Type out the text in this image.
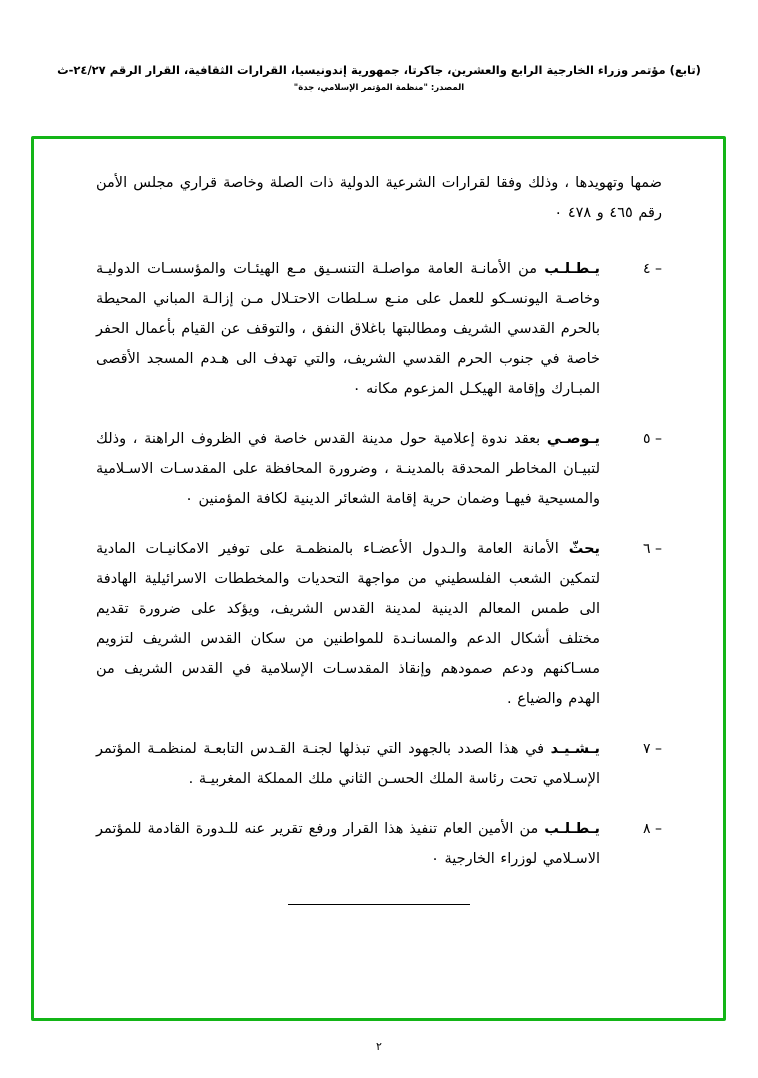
(تابع) مؤتمر وزراء الخارجية الرابع والعشرين، جاكرتا، جمهورية إندونيسيا، القرارات الثقافية، القرار الرقم ٢٤/٢٧-ث
المصدر: "منظمة المؤتمر الإسلامي، جدة"
ضمها وتهويدها ، وذلك وفقا لقرارات الشرعية الدولية ذات الصلة وخاصة قراري مجلس الأمن رقم ٤٦٥ و ٤٧٨ ٠
– ٤
يـطـلـب من الأمانـة العامة مواصلـة التنسـيق مـع الهيئـات والمؤسسـات الدوليـة وخاصـة اليونسـكو للعمل على منـع سـلطات الاحتـلال مـن إزالـة المباني المحيطة بالحرم القدسي الشريف ومطالبتها باغلاق النفق ، والتوقف عن القيام بأعمال الحفر خاصة في جنوب الحرم القدسي الشريف، والتي تهدف الى هـدم المسجد الأقصى المبـارك وإقامة الهيكـل المزعوم مكانه ٠
– ٥
يـوصـي بعقد ندوة إعلامية حول مدينة القدس خاصة في الظروف الراهنة ، وذلك لتبيـان المخاطر المحدقة بالمدينـة ، وضرورة المحافظة على المقدسـات الاسـلامية والمسيحية فيهـا وضمان حرية إقامة الشعائر الدينية لكافة المؤمنين ٠
– ٦
يحثّ الأمانة العامة والـدول الأعضـاء بالمنظمـة على توفير الامكانيـات المادية لتمكين الشعب الفلسطيني من مواجهة التحديات والمخططات الاسرائيلية الهادفة الى طمس المعالم الدينية لمدينة القدس الشريف، ويؤكد على ضرورة تقديم مختلف أشكال الدعم والمسانـدة للمواطنين من سكان القدس الشريف لتزويم مسـاكنهم ودعم صمودهم وإنقاذ المقدسـات الإسلامية في القدس الشريف من الهدم والضياع .
– ٧
يـشـيـد في هذا الصدد بالجهود التي تبذلها لجنـة القـدس التابعـة لمنظمـة المؤتمر الإسـلامي تحت رئاسة الملك الحسـن الثاني ملك المملكة المغربيـة .
– ٨
يـطـلـب من الأمين العام تنفيذ هذا القرار ورفع تقرير عنه للـدورة القادمة للمؤتمر الاسـلامي لوزراء الخارجية ٠
٢
